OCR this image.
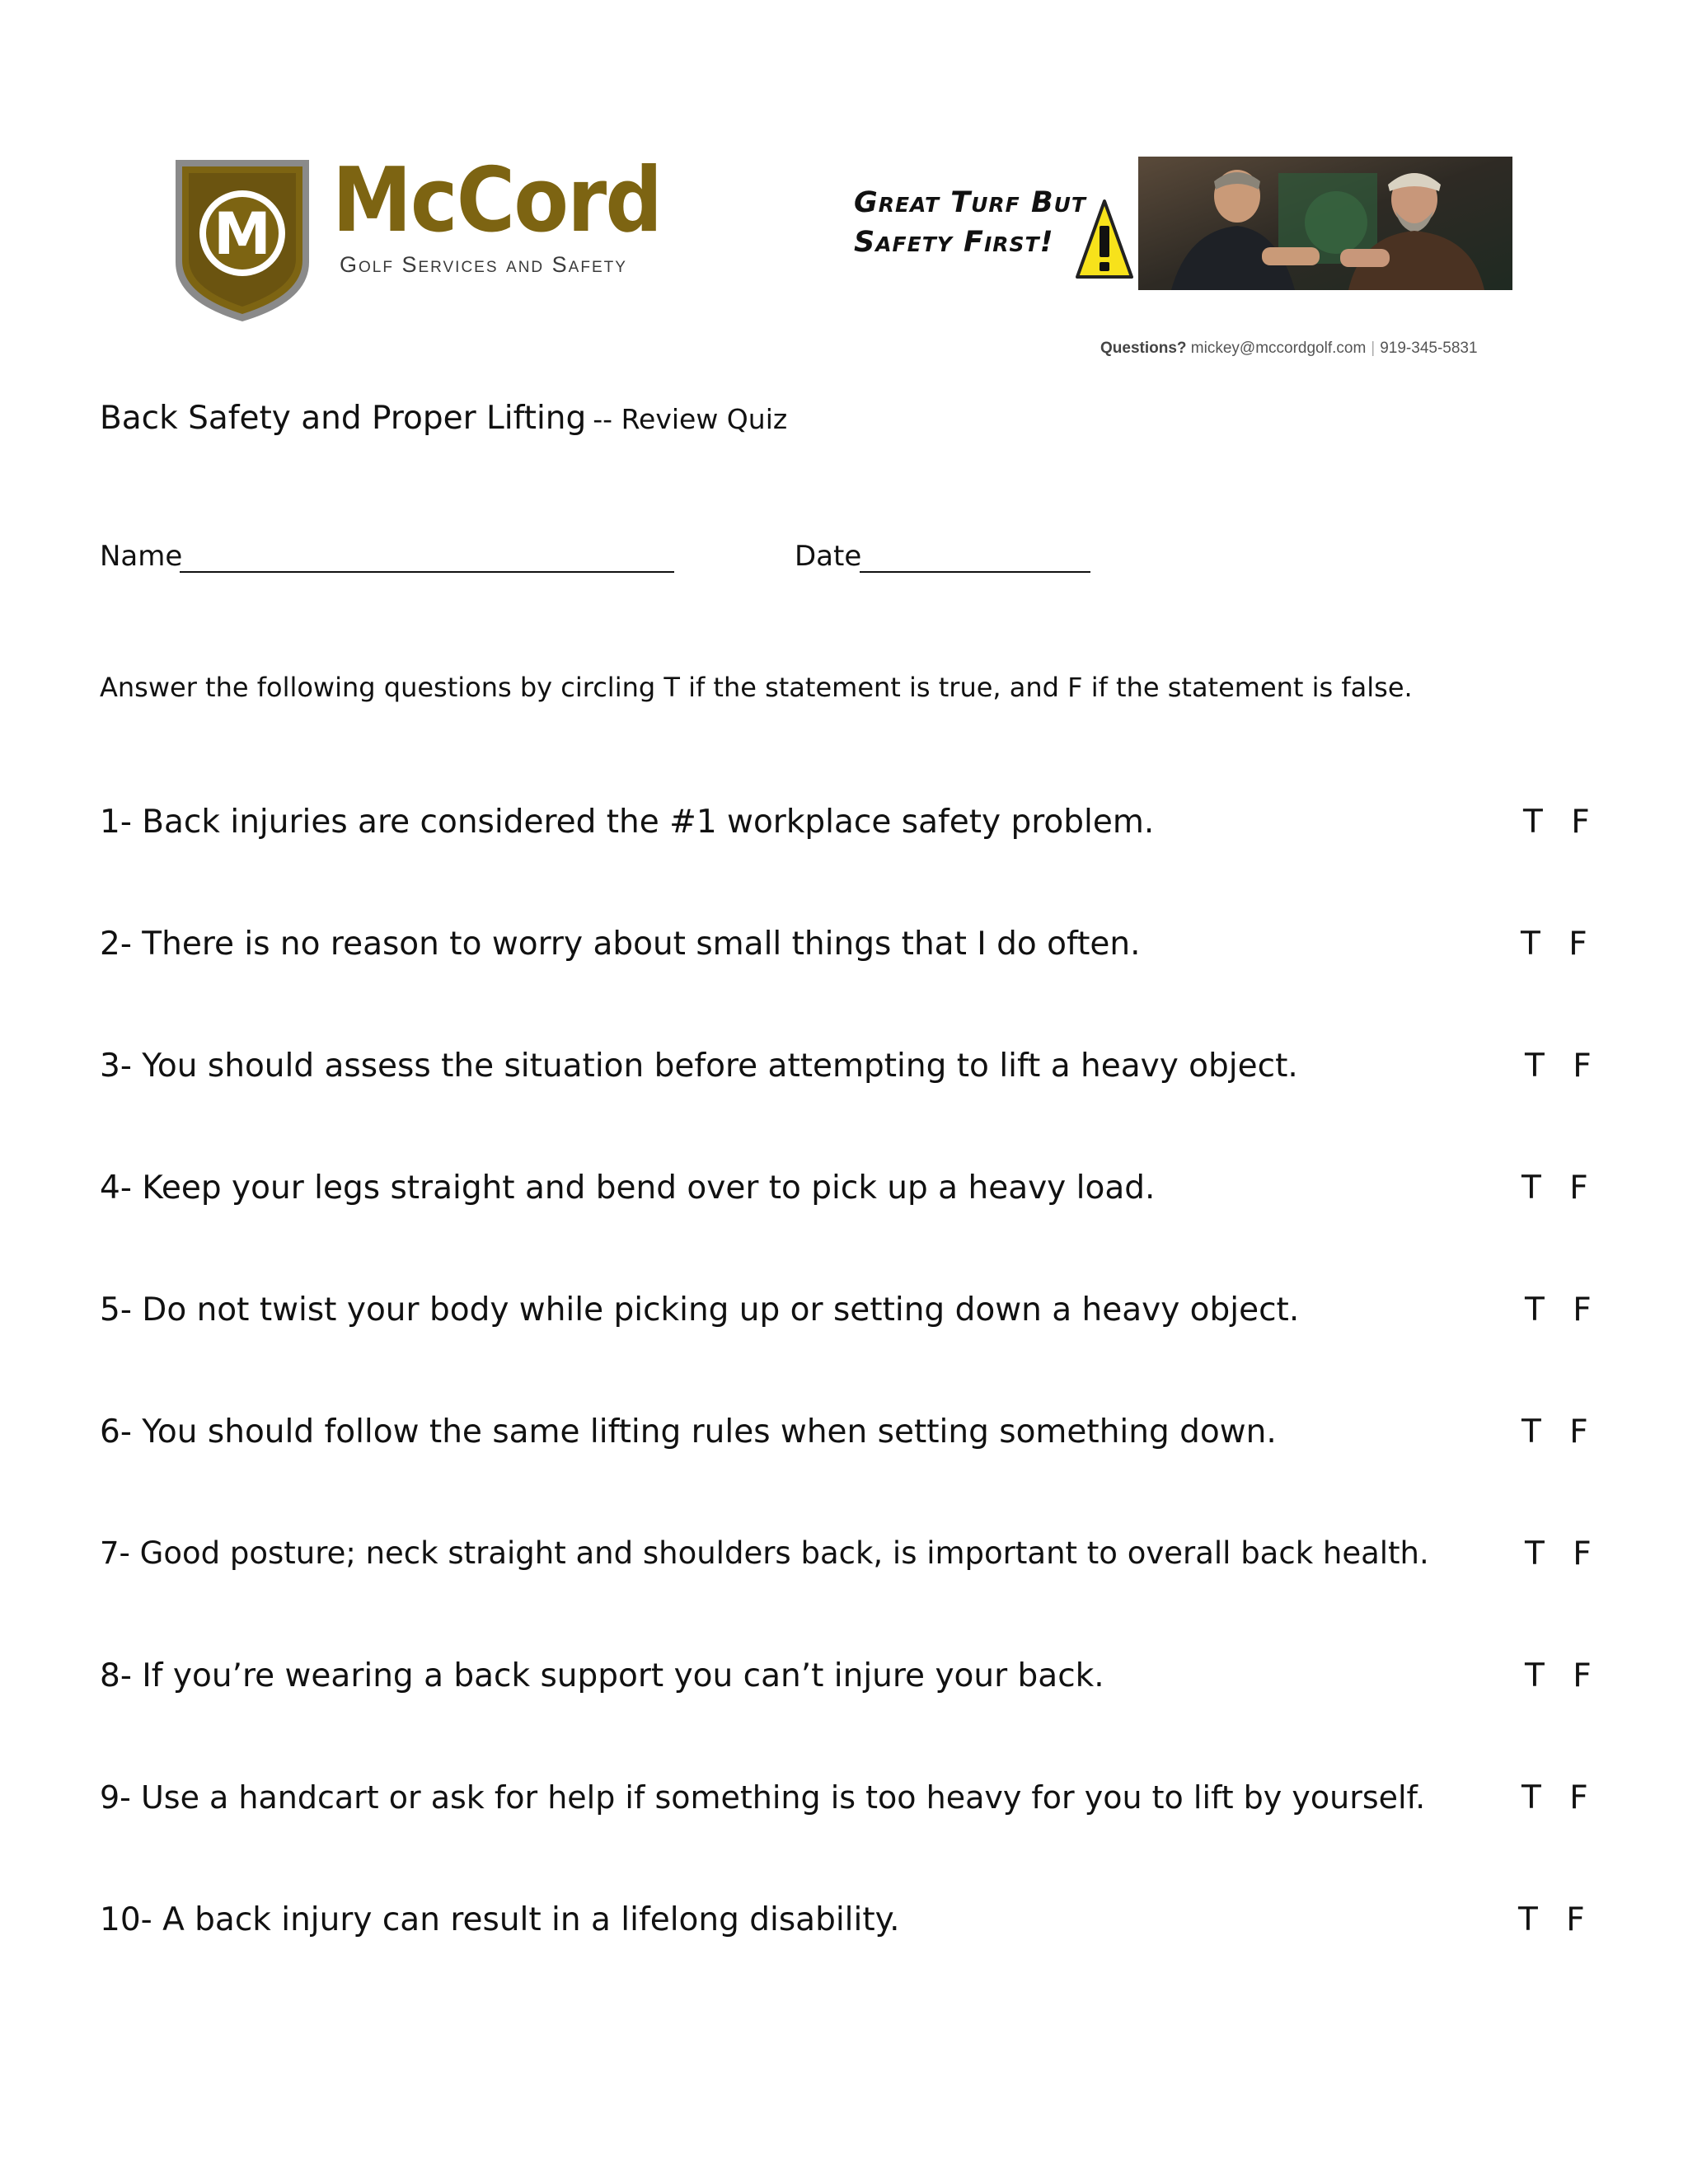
M McCord
Golf Services and Safety
Great Turf But
Safety First!
Questions? mickey@mccordgolf.com | 919-345-5831
Back Safety and Proper Lifting -- Review Quiz
Name	Date
Answer the following questions by circling T if the statement is true, and F if the statement is false.
1- Back injuries are considered the #1 workplace safety problem.	T F
2- There is no reason to worry about small things that I do often.	T F
3- You should assess the situation before attempting to lift a heavy object.	T F
4- Keep your legs straight and bend over to pick up a heavy load.	T F
5- Do not twist your body while picking up or setting down a heavy object.	T F
6- You should follow the same lifting rules when setting something down.	T F
7- Good posture; neck straight and shoulders back, is important to overall back health.	T F
8- If you’re wearing a back support you can’t injure your back.	T F
9- Use a handcart or ask for help if something is too heavy for you to lift by yourself.	T F
10- A back injury can result in a lifelong disability.	T F
